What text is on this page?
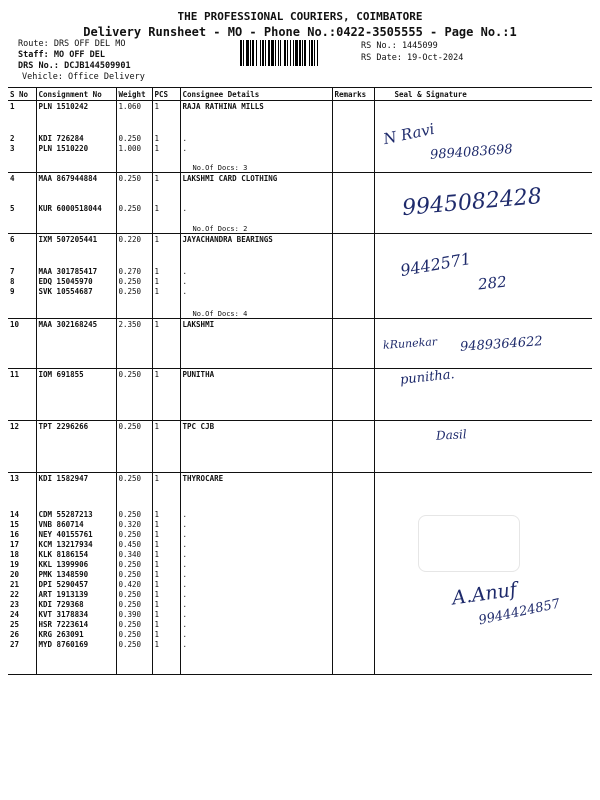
THE PROFESSIONAL COURIERS, COIMBATORE
Delivery Runsheet - MO - Phone No.:0422-3505555 - Page No.:1
Route: DRS OFF DEL MO
Staff: MO OFF DEL
DRS No.: DCJB144509901
Vehicle: Office Delivery
RS No.: 1445099
RS Date: 19-Oct-2024
S No	Consignment No	Weight	PCS	Consignee Details	Remarks	Seal & Signature
1	PLN 1510242	1.060	1	RAJA RATHINA MILLS		
2	KDI 726284	0.250	1	.		
3	PLN 1510220	1.000	1	.		
				No.Of Docs: 3		
4	MAA 867944884	0.250	1	LAKSHMI CARD CLOTHING		
5	KUR 6000518044	0.250	1	.		
				No.Of Docs: 2		
6	IXM 507205441	0.220	1	JAYACHANDRA BEARINGS		
7	MAA 301785417	0.270	1	.		
8	EDQ 15045970	0.250	1	.		
9	SVK 10554687	0.250	1	.		
				No.Of Docs: 4		
10	MAA 302168245	2.350	1	LAKSHMI		

11	IOM 691855	0.250	1	PUNITHA		

12	TPT 2296266	0.250	1	TPC CJB		

13	KDI 1582947	0.250	1	THYROCARE		
14	CDM 55287213	0.250	1	.		
15	VNB 860714	0.320	1	.		
16	NEY 40155761	0.250	1	.		
17	KCM 13217934	0.450	1	.		
18	KLK 8186154	0.340	1	.		
19	KKL 1399906	0.250	1	.		
20	PMK 1348590	0.250	1	.		
21	DPI 5290457	0.420	1	.		
22	ART 1913139	0.250	1	.		
23	KDI 729368	0.250	1	.		
24	KVT 3178834	0.390	1	.		
25	HSR 7223614	0.250	1	.		
26	KRG 263091	0.250	1	.		
27	MYD 8760169	0.250	1	.		

N Ravi
9894083698
9945082428
9442571
282
kRunekar 9489364622
punitha.
Dasil
A.Anuf
9944424857
